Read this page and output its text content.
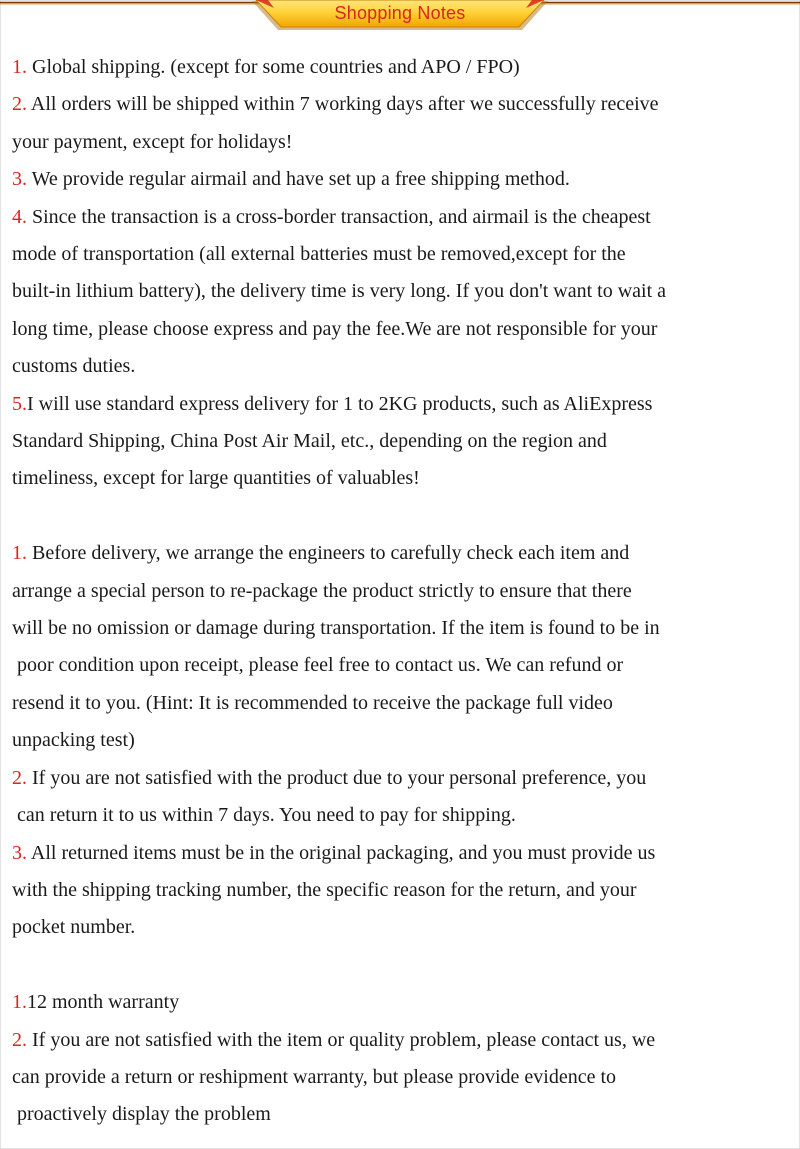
Shopping Notes
1. Global shipping. (except for some countries and APO / FPO)
2. All orders will be shipped within 7 working days after we successfully receive
your payment, except for holidays!
3. We provide regular airmail and have set up a free shipping method.
4. Since the transaction is a cross-border transaction, and airmail is the cheapest
mode of transportation (all external batteries must be removed,except for the
built-in lithium battery), the delivery time is very long. If you don't want to wait a
long time, please choose express and pay the fee.We are not responsible for your
customs duties.
5.I will use standard express delivery for 1 to 2KG products, such as AliExpress
Standard Shipping, China Post Air Mail, etc., depending on the region and
timeliness, except for large quantities of valuables!
1. Before delivery, we arrange the engineers to carefully check each item and
arrange a special person to re-package the product strictly to ensure that there
will be no omission or damage during transportation. If the item is found to be in
poor condition upon receipt, please feel free to contact us. We can refund or
resend it to you. (Hint: It is recommended to receive the package full video
unpacking test)
2. If you are not satisfied with the product due to your personal preference, you
can return it to us within 7 days. You need to pay for shipping.
3. All returned items must be in the original packaging, and you must provide us
with the shipping tracking number, the specific reason for the return, and your
pocket number.
1.12 month warranty
2. If you are not satisfied with the item or quality problem, please contact us, we
can provide a return or reshipment warranty, but please provide evidence to
proactively display the problem
